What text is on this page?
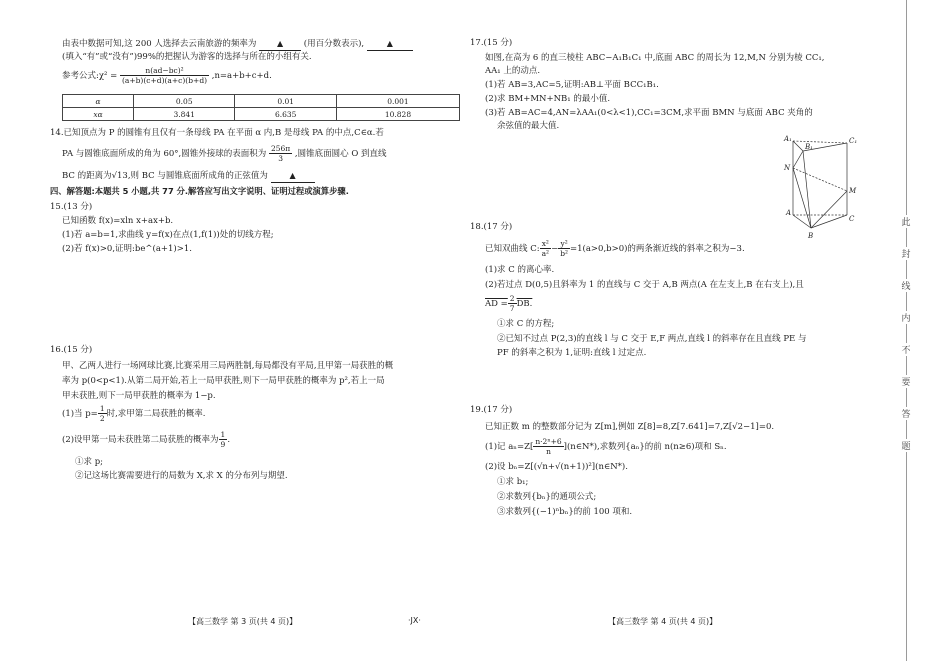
由表中数据可知,这 200 人选择去云南旅游的频率为	▲ (用百分数表示),	▲
(填入“有”或“没有”)99%的把握认为游客的选择与所在的小组有关.
参考公式:χ² = $\frac{\text{n(ad−bc)²}}{(a+b)(c+d)(a+c)(b+d)} ,n=a+b+c+d$.
α	0.05	0.01	0.001
xα	3.841	6.635	10.828
14.已知顶点为 P 的圆锥有且仅有一条母线 PA 在平面 α 内,B 是母线 PA 的中点,C∈α.若
PA 与圆锥底面所成的角为 60°,圆锥外接球的表面积为 $\frac{256\pi}{3}$ ,圆锥底面圆心 O 到直线
BC 的距离为√13,则 BC 与圆锥底面所成角的正弦值为	▲
四、解答题:本题共 5 小题,共 77 分.解答应写出文字说明、证明过程或演算步骤.
15.(13 分)
已知函数 f(x)=xln x+ax+b.
(1)若 a=b=1,求曲线 y=f(x)在点(1,f(1))处的切线方程;
(2)若 f(x)>0,证明:be^(a+1)>1.
16.(15 分)
甲、乙两人进行一场网球比赛,比赛采用三局两胜制,每局都没有平局,且甲第一局获胜的概
率为 p(0<p<1).从第二局开始,若上一局甲获胜,则下一局甲获胜的概率为 p²,若上一局
甲未获胜,则下一局甲获胜的概率为 1−p.
(1)当 $p= \frac{1}{2}$ 时,求甲第二局获胜的概率.
(2)设甲第一局未获胜第二局获胜的概率为 $\frac{1}{9}$ .
①求 p;
②记这场比赛需要进行的局数为 X,求 X 的分布列与期望.
17.(15 分)
如图,在高为 6 的直三棱柱 ABC−A₁B₁C₁ 中,底面 ABC 的周长为 12,M,N 分别为棱 CC₁,
AA₁ 上的动点.
(1)若 AB=3,AC=5,证明:AB⊥平面 BCC₁B₁.
(2)求 BM+MN+NB₁ 的最小值.
(3)若 AB=AC=4,AN=λAA₁(0<λ<1),CC₁=3CM,求平面 BMN 与底面 ABC 夹角的
余弦值的最大值.
18.(17 分)
已知双曲线 C: $\frac{\text{x²}}{\text{a²}} - \frac{\text{y²}}{\text{b²}} =1(a>0,b>0)$的两条渐近线的斜率之积为−3.
(1)求 C 的离心率.
(2)若过点 D(0,5)且斜率为 1 的直线与 C 交于 A,B 两点(A 在左支上,B 在右支上),且
AD = $\frac{2}{7}$ DB.
①求 C 的方程;
②已知不过点 P(2,3)的直线 l 与 C 交于 E,F 两点,直线 l 的斜率存在且直线 PE 与
PF 的斜率之积为 1,证明:直线 l 过定点.
19.(17 分)
已知正数 m 的整数部分记为 Z[m],例如 Z[8]=8,Z[7.641]=7,Z[√2−1]=0.
(1)记 $a_n=Z[ \frac{\text{n·2ⁿ+6}}{n}$ ](n∈N*),求数列{aₙ}的前 n(n≥6)项和 Sₙ.
(2)设 bₙ=Z[(√n+√(n+1))²](n∈N*).
①求 b₁;
②求数列{bₙ}的通项公式;
③求数列{(−1)ⁿbₙ}的前 100 项和.
A₁
B₁
C₁
N
M
A
C
B
【高三数学 第 3 页(共 4 页)】	·JX·	【高三数学 第 4 页(共 4 页)】
此
封
线
内
不
要
答
题
